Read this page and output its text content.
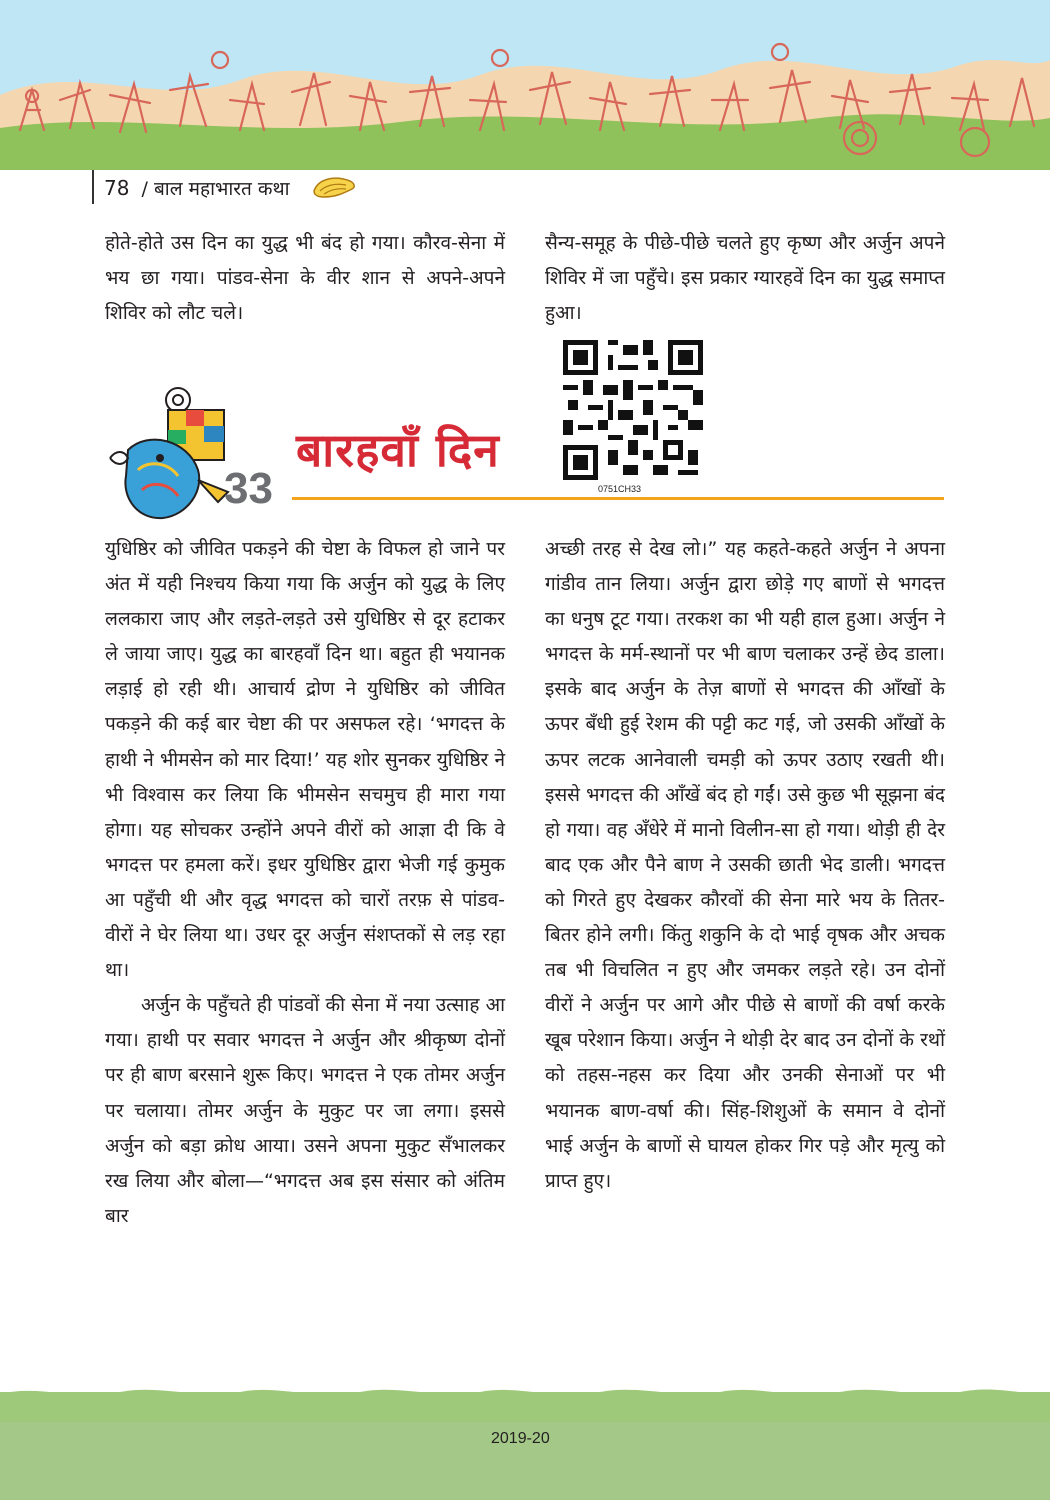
78 / बाल महाभारत कथा

होते-होते उस दिन का युद्ध भी बंद हो गया। कौरव-सेना में भय छा गया। पांडव-सेना के वीर शान से अपने-अपने शिविर को लौट चले।

सैन्य-समूह के पीछे-पीछे चलते हुए कृष्ण और अर्जुन अपने शिविर में जा पहुँचे। इस प्रकार ग्यारहवें दिन का युद्ध समाप्त हुआ।

बारहवाँ दिन
33	0751CH33

युधिष्ठिर को जीवित पकड़ने की चेष्टा के विफल हो जाने पर अंत में यही निश्चय किया गया कि अर्जुन को युद्ध के लिए ललकारा जाए और लड़ते-लड़ते उसे युधिष्ठिर से दूर हटाकर ले जाया जाए। युद्ध का बारहवाँ दिन था। बहुत ही भयानक लड़ाई हो रही थी। आचार्य द्रोण ने युधिष्ठिर को जीवित पकड़ने की कई बार चेष्टा की पर असफल रहे। ‘भगदत्त के हाथी ने भीमसेन को मार दिया!’ यह शोर सुनकर युधिष्ठिर ने भी विश्वास कर लिया कि भीमसेन सचमुच ही मारा गया होगा। यह सोचकर उन्होंने अपने वीरों को आज्ञा दी कि वे भगदत्त पर हमला करें। इधर युधिष्ठिर द्वारा भेजी गई कुमुक आ पहुँची थी और वृद्ध भगदत्त को चारों तरफ़ से पांडव-वीरों ने घेर लिया था। उधर दूर अर्जुन संशप्तकों से लड़ रहा था।

अर्जुन के पहुँचते ही पांडवों की सेना में नया उत्साह आ गया। हाथी पर सवार भगदत्त ने अर्जुन और श्रीकृष्ण दोनों पर ही बाण बरसाने शुरू किए। भगदत्त ने एक तोमर अर्जुन पर चलाया। तोमर अर्जुन के मुकुट पर जा लगा। इससे अर्जुन को बड़ा क्रोध आया। उसने अपना मुकुट सँभालकर रख लिया और बोला—“भगदत्त अब इस संसार को अंतिम बार

अच्छी तरह से देख लो।” यह कहते-कहते अर्जुन ने अपना गांडीव तान लिया। अर्जुन द्वारा छोड़े गए बाणों से भगदत्त का धनुष टूट गया। तरकश का भी यही हाल हुआ। अर्जुन ने भगदत्त के मर्म-स्थानों पर भी बाण चलाकर उन्हें छेद डाला। इसके बाद अर्जुन के तेज़ बाणों से भगदत्त की आँखों के ऊपर बँधी हुई रेशम की पट्टी कट गई, जो उसकी आँखों के ऊपर लटक आनेवाली चमड़ी को ऊपर उठाए रखती थी। इससे भगदत्त की आँखें बंद हो गईं। उसे कुछ भी सूझना बंद हो गया। वह अँधेरे में मानो विलीन-सा हो गया। थोड़ी ही देर बाद एक और पैने बाण ने उसकी छाती भेद डाली। भगदत्त को गिरते हुए देखकर कौरवों की सेना मारे भय के तितर-बितर होने लगी। किंतु शकुनि के दो भाई वृषक और अचक तब भी विचलित न हुए और जमकर लड़ते रहे। उन दोनों वीरों ने अर्जुन पर आगे और पीछे से बाणों की वर्षा करके खूब परेशान किया। अर्जुन ने थोड़ी देर बाद उन दोनों के रथों को तहस-नहस कर दिया और उनकी सेनाओं पर भी भयानक बाण-वर्षा की। सिंह-शिशुओं के समान वे दोनों भाई अर्जुन के बाणों से घायल होकर गिर पड़े और मृत्यु को प्राप्त हुए।

2019-20
